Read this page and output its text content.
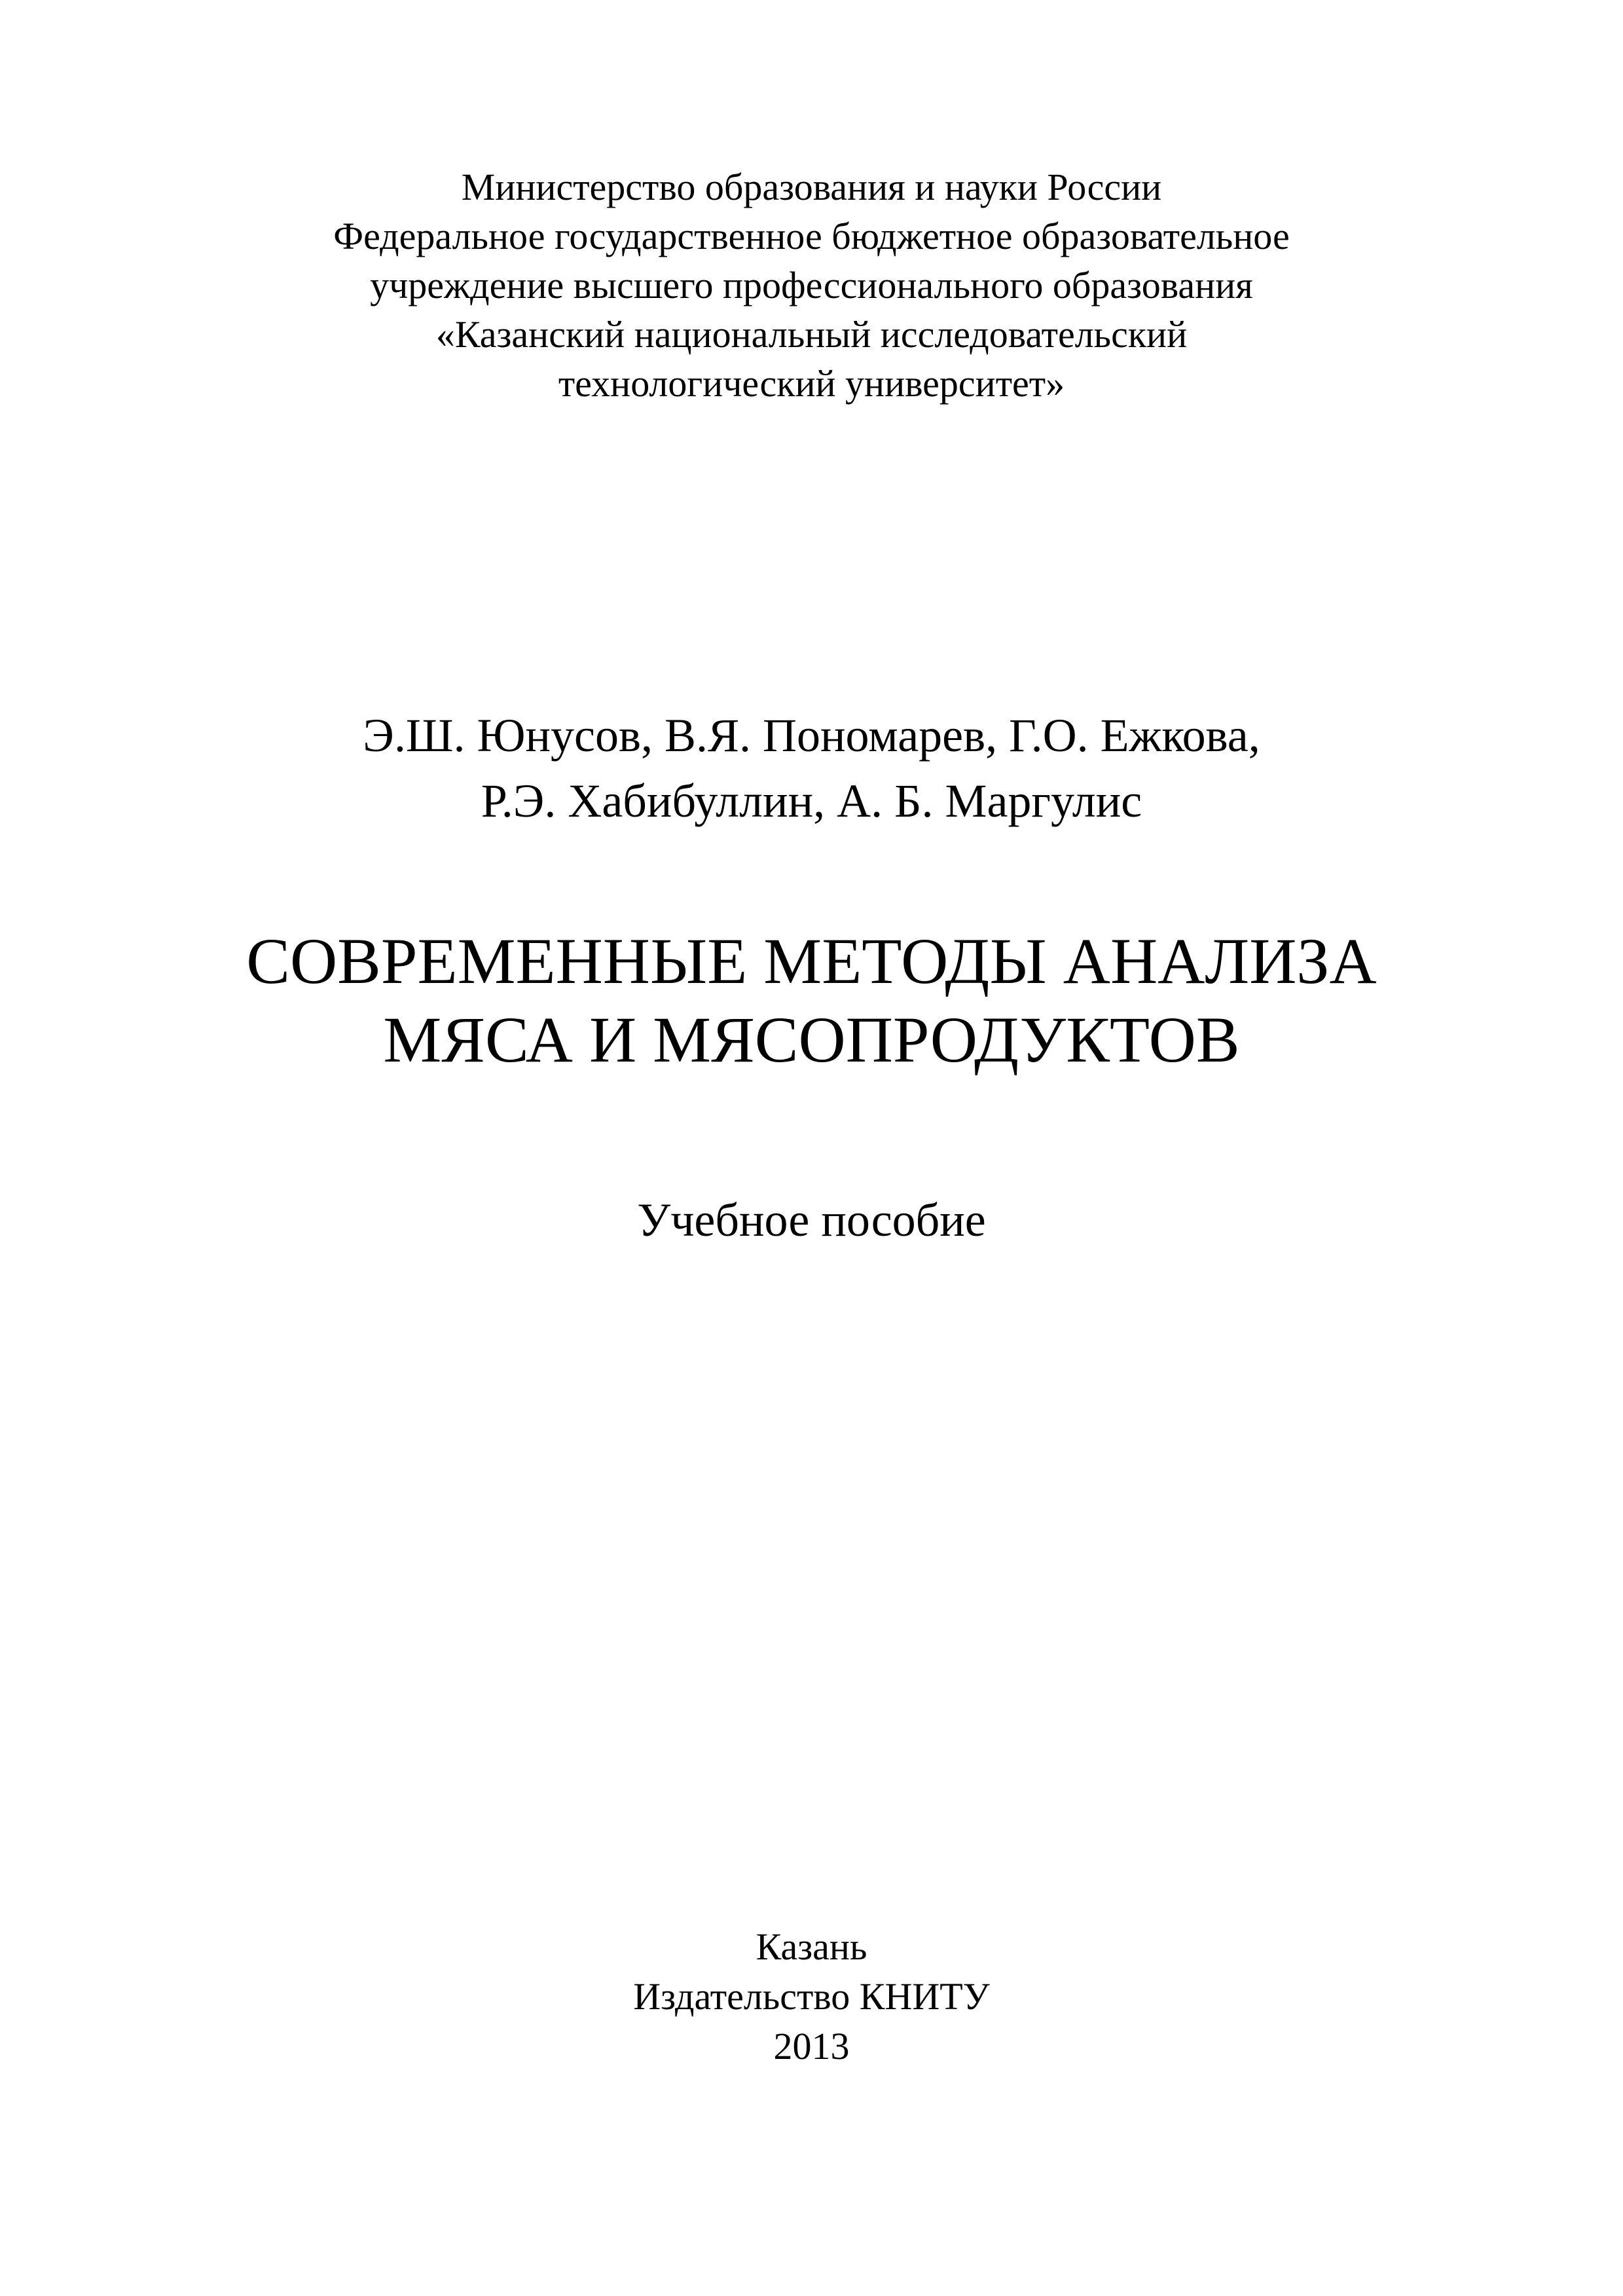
Министерство образования и науки России
Федеральное государственное бюджетное образовательное
учреждение высшего профессионального образования
«Казанский национальный исследовательский
технологический университет»
Э.Ш. Юнусов, В.Я. Пономарев, Г.О. Ежкова,
Р.Э. Хабибуллин, А. Б. Маргулис
СОВРЕМЕННЫЕ МЕТОДЫ АНАЛИЗА
МЯСА И МЯСОПРОДУКТОВ
Учебное пособие
Казань
Издательство КНИТУ
2013
